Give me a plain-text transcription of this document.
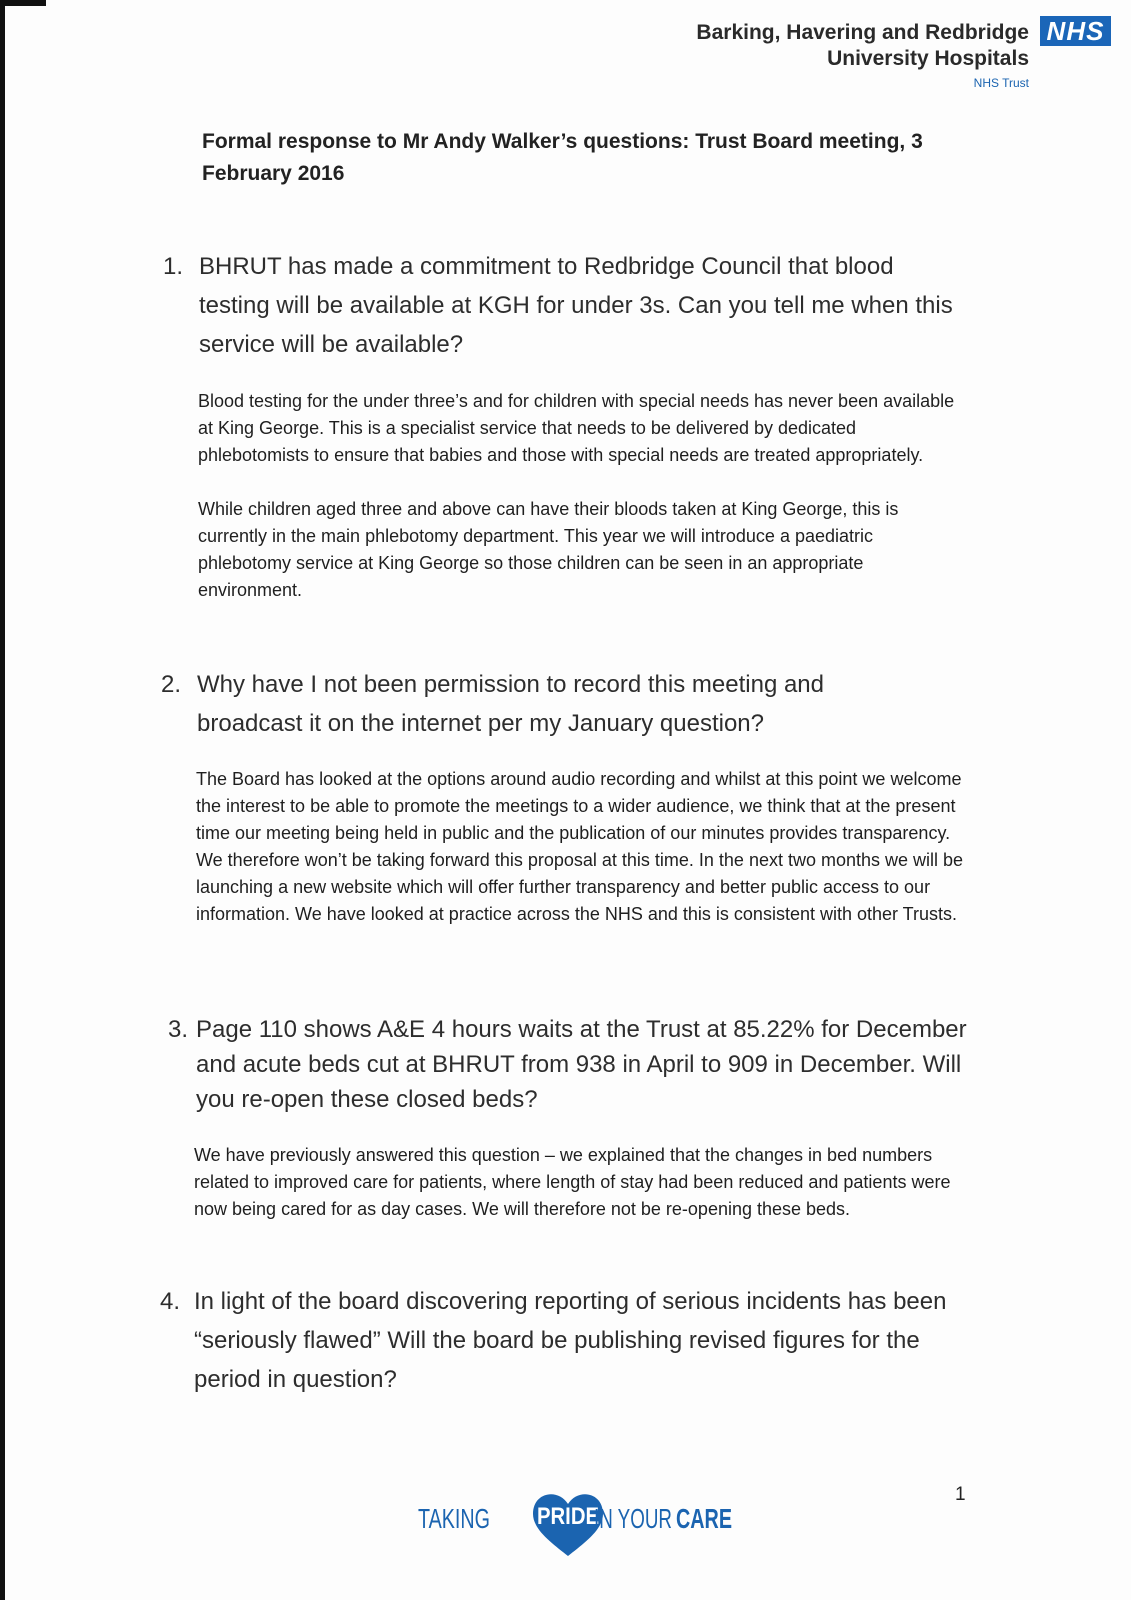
Barking, Havering and Redbridge
University Hospitals
NHS Trust
NHS
Formal response to Mr Andy Walker’s questions: Trust Board meeting, 3 February 2016
1. BHRUT has made a commitment to Redbridge Council that blood testing will be available at KGH for under 3s. Can you tell me when this service will be available?

Blood testing for the under three’s and for children with special needs has never been available at King George. This is a specialist service that needs to be delivered by dedicated phlebotomists to ensure that babies and those with special needs are treated appropriately.

While children aged three and above can have their bloods taken at King George, this is currently in the main phlebotomy department. This year we will introduce a paediatric phlebotomy service at King George so those children can be seen in an appropriate environment.

2. Why have I not been permission to record this meeting and broadcast it on the internet per my January question?

The Board has looked at the options around audio recording and whilst at this point we welcome the interest to be able to promote the meetings to a wider audience, we think that at the present time our meeting being held in public and the publication of our minutes provides transparency. We therefore won’t be taking forward this proposal at this time. In the next two months we will be launching a new website which will offer further transparency and better public access to our information. We have looked at practice across the NHS and this is consistent with other Trusts.

3. Page 110 shows A&E 4 hours waits at the Trust at 85.22% for December and acute beds cut at BHRUT from 938 in April to 909 in December. Will you re-open these closed beds?

We have previously answered this question – we explained that the changes in bed numbers related to improved care for patients, where length of stay had been reduced and patients were now being cared for as day cases. We will therefore not be re-opening these beds.

4. In light of the board discovering reporting of serious incidents has been “seriously flawed” Will the board be publishing revised figures for the period in question?
TAKING PRIDE
IN YOUR CARE
1
